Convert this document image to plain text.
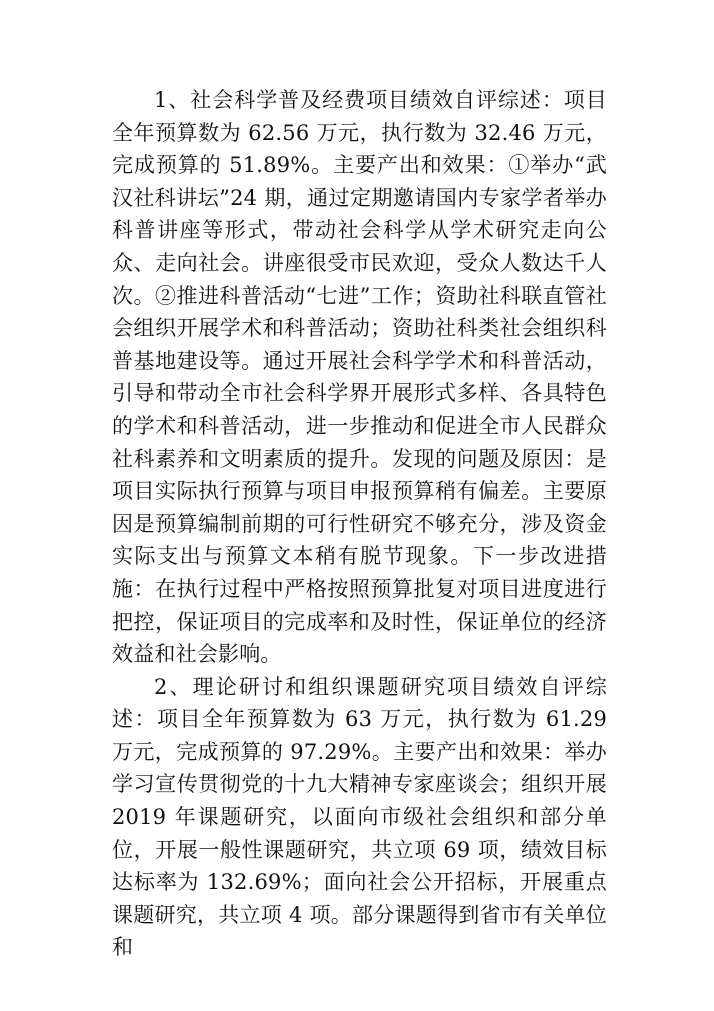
1、社会科学普及经费项目绩效自评综述：项目全年预算数为 62.56 万元，执行数为 32.46 万元，完成预算的 51.89%。主要产出和效果：①举办“武汉社科讲坛”24 期，通过定期邀请国内专家学者举办科普讲座等形式，带动社会科学从学术研究走向公众、走向社会。讲座很受市民欢迎，受众人数达千人次。②推进科普活动“七进”工作；资助社科联直管社会组织开展学术和科普活动；资助社科类社会组织科普基地建设等。通过开展社会科学学术和科普活动，引导和带动全市社会科学界开展形式多样、各具特色的学术和科普活动，进一步推动和促进全市人民群众社科素养和文明素质的提升。发现的问题及原因：是项目实际执行预算与项目申报预算稍有偏差。主要原因是预算编制前期的可行性研究不够充分，涉及资金实际支出与预算文本稍有脱节现象。下一步改进措施：在执行过程中严格按照预算批复对项目进度进行把控，保证项目的完成率和及时性，保证单位的经济效益和社会影响。

2、理论研讨和组织课题研究项目绩效自评综述：项目全年预算数为 63 万元，执行数为 61.29 万元，完成预算的 97.29%。主要产出和效果：举办学习宣传贯彻党的十九大精神专家座谈会；组织开展 2019 年课题研究，以面向市级社会组织和部分单位，开展一般性课题研究，共立项 69 项，绩效目标达标率为 132.69%；面向社会公开招标，开展重点课题研究，共立项 4 项。部分课题得到省市有关单位和
